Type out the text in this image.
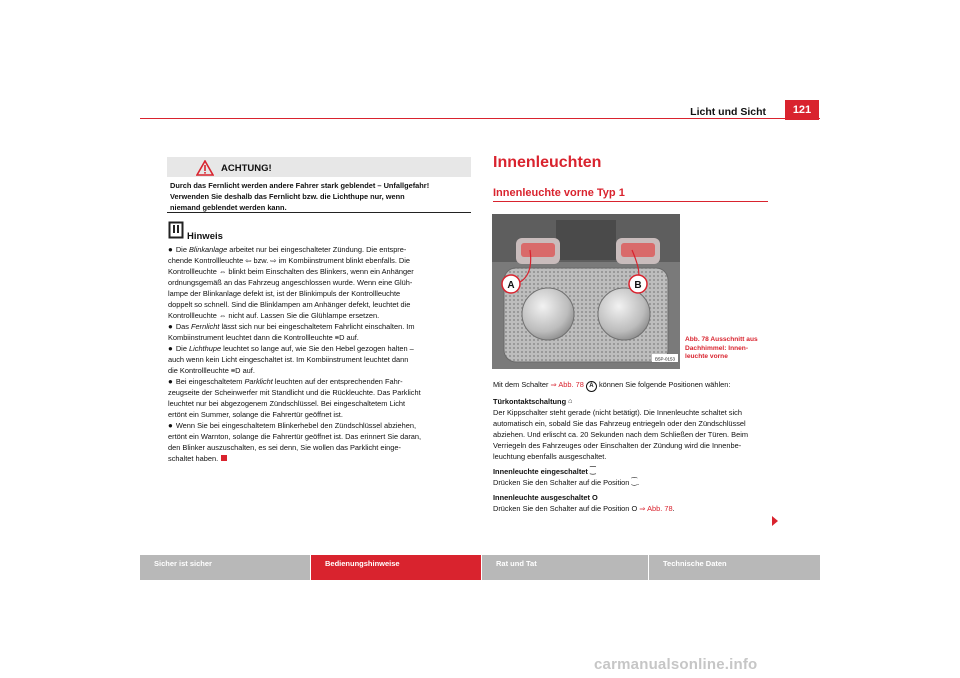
Licht und Sicht	121
ACHTUNG!
Durch das Fernlicht werden andere Fahrer stark geblendet – Unfallgefahr!
Verwenden Sie deshalb das Fernlicht bzw. die Lichthupe nur, wenn
niemand geblendet werden kann.
Hinweis
● Die Blinkanlage arbeitet nur bei eingeschalteter Zündung. Die entspre-
chende Kontrollleuchte ⇦ bzw. ⇨ im Kombiinstrument blinkt ebenfalls. Die
Kontrollleuchte ⇔ blinkt beim Einschalten des Blinkers, wenn ein Anhänger
ordnungsgemäß an das Fahrzeug angeschlossen wurde. Wenn eine Glüh-
lampe der Blinkanlage defekt ist, ist der Blinkimpuls der Kontrollleuchte
doppelt so schnell. Sind die Blinklampen am Anhänger defekt, leuchtet die
Kontrollleuchte ⇔ nicht auf. Lassen Sie die Glühlampe ersetzen.
● Das Fernlicht lässt sich nur bei eingeschaltetem Fahrlicht einschalten. Im
Kombiinstrument leuchtet dann die Kontrollleuchte ≡D auf.
● Die Lichthupe leuchtet so lange auf, wie Sie den Hebel gezogen halten –
auch wenn kein Licht eingeschaltet ist. Im Kombiinstrument leuchtet dann
die Kontrollleuchte ≡D auf.
● Bei eingeschaltetem Parklicht leuchten auf der entsprechenden Fahr-
zeugseite der Scheinwerfer mit Standlicht und die Rückleuchte. Das Parklicht
leuchtet nur bei abgezogenem Zündschlüssel. Bei eingeschaltetem Licht
ertönt ein Summer, solange die Fahrertür geöffnet ist.
● Wenn Sie bei eingeschaltetem Blinkerhebel den Zündschlüssel abziehen,
ertönt ein Warnton, solange die Fahrertür geöffnet ist. Das erinnert Sie daran,
den Blinker auszuschalten, es sei denn, Sie wollen das Parklicht einge-
schaltet haben.
Innenleuchten
Innenleuchte vorne Typ 1
A	B
B5P-0153
Abb. 78 Ausschnitt aus
Dachhimmel: Innen-
leuchte vorne

Mit dem Schalter ⇒ Abb. 78 A können Sie folgende Positionen wählen:

Türkontaktschaltung ⌂

Der Kippschalter steht gerade (nicht betätigt). Die Innenleuchte schaltet sich
automatisch ein, sobald Sie das Fahrzeug entriegeln oder den Zündschlüssel
abziehen. Und erlischt ca. 20 Sekunden nach dem Schließen der Türen. Beim
Verriegeln des Fahrzeuges oder Einschalten der Zündung wird die Innenbe-
leuchtung ebenfalls ausgeschaltet.

Innenleuchte eingeschaltet ⁐

Drücken Sie den Schalter auf die Position ⁐.

Innenleuchte ausgeschaltet O

Drücken Sie den Schalter auf die Position O ⇒ Abb. 78.

Sicher ist sicher	Bedienungshinweise	Rat und Tat	Technische Daten
carmanualsonline.info
